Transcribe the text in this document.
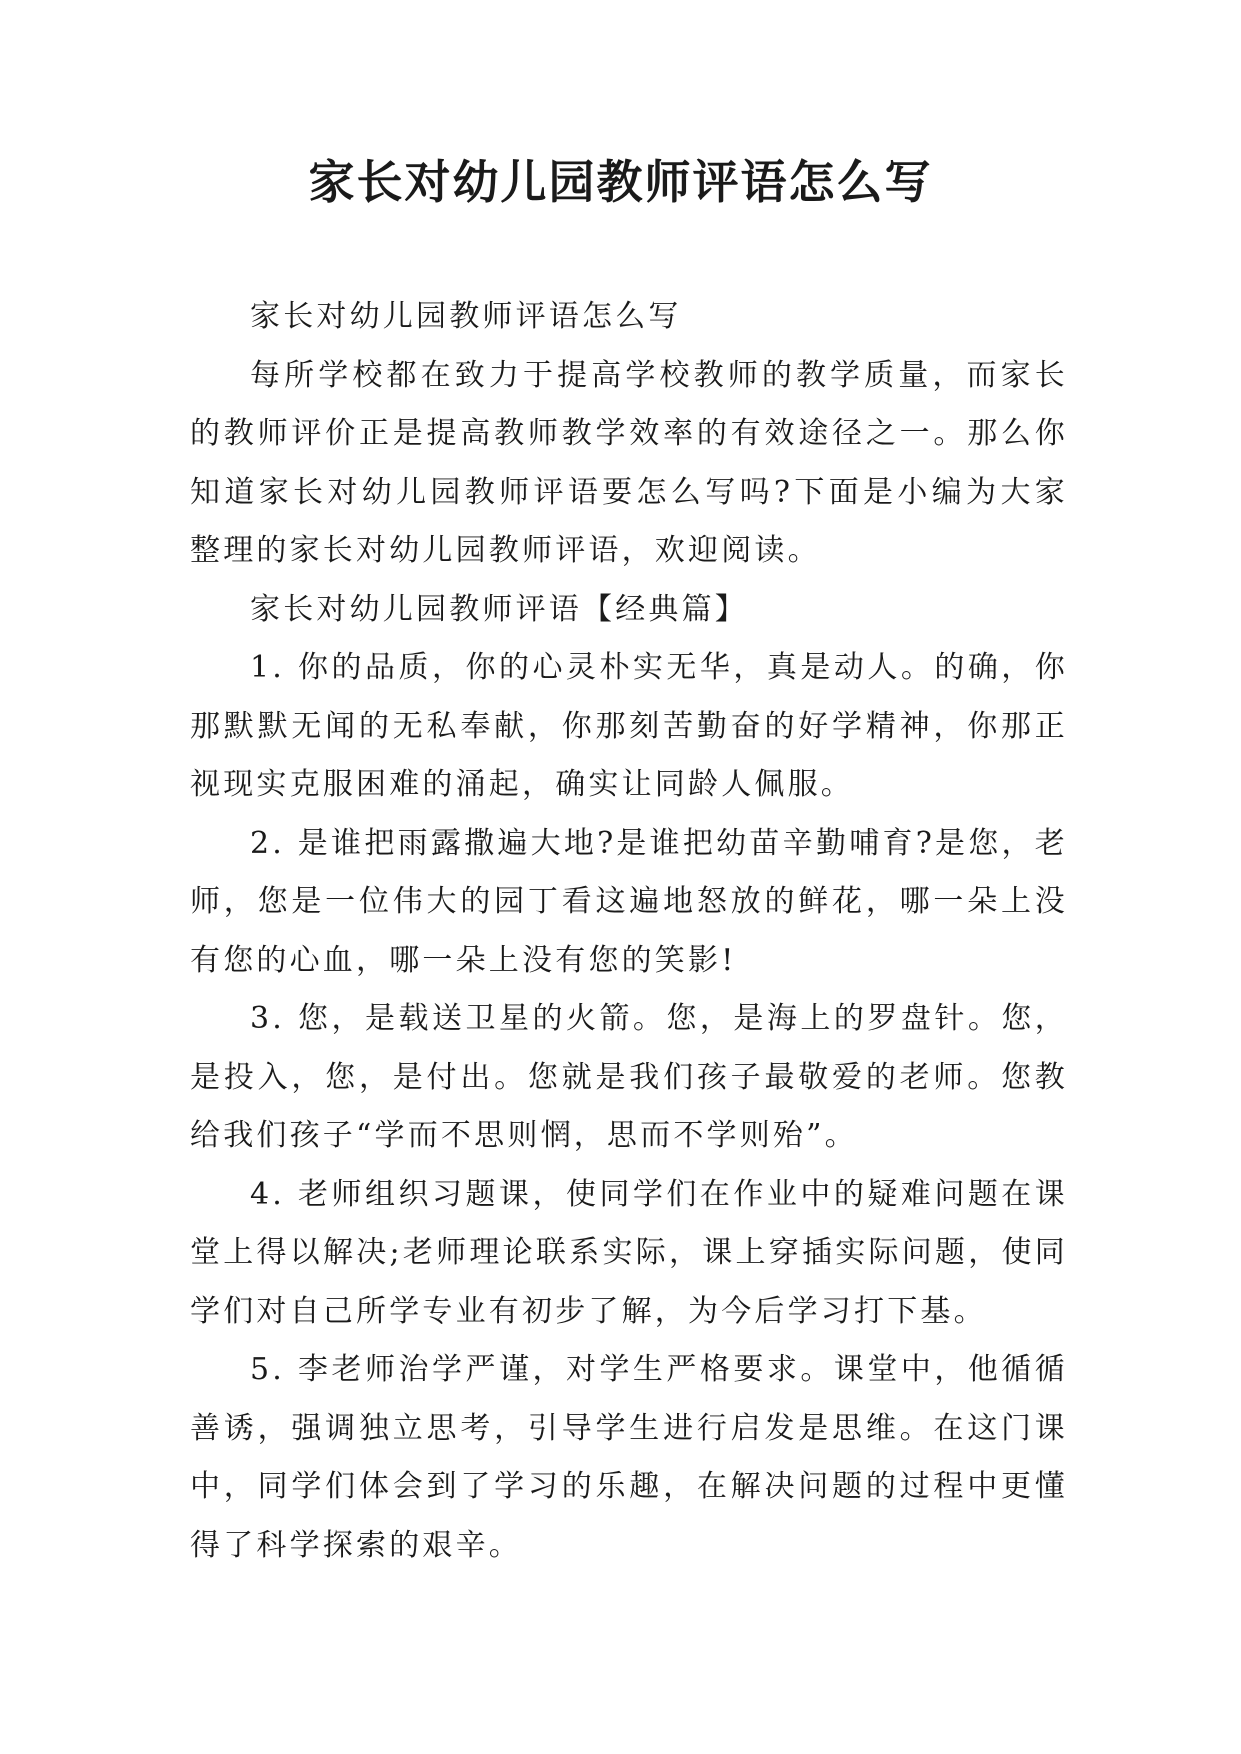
家长对幼儿园教师评语怎么写

家长对幼儿园教师评语怎么写

每所学校都在致力于提高学校教师的教学质量，而家长的教师评价正是提高教师教学效率的有效途径之一。那么你知道家长对幼儿园教师评语要怎么写吗?下面是小编为大家整理的家长对幼儿园教师评语，欢迎阅读。

家长对幼儿园教师评语【经典篇】

1. 你的品质，你的心灵朴实无华，真是动人。的确，你那默默无闻的无私奉献，你那刻苦勤奋的好学精神，你那正视现实克服困难的涌起，确实让同龄人佩服。

2. 是谁把雨露撒遍大地?是谁把幼苗辛勤哺育?是您，老师，您是一位伟大的园丁看这遍地怒放的鲜花，哪一朵上没有您的心血，哪一朵上没有您的笑影!

3. 您，是载送卫星的火箭。您，是海上的罗盘针。您，是投入，您，是付出。您就是我们孩子最敬爱的老师。您教给我们孩子“学而不思则惘，思而不学则殆”。

4. 老师组织习题课，使同学们在作业中的疑难问题在课堂上得以解决;老师理论联系实际，课上穿插实际问题，使同学们对自己所学专业有初步了解，为今后学习打下基。

5. 李老师治学严谨，对学生严格要求。课堂中，他循循善诱，强调独立思考，引导学生进行启发是思维。在这门课中，同学们体会到了学习的乐趣，在解决问题的过程中更懂得了科学探索的艰辛。
